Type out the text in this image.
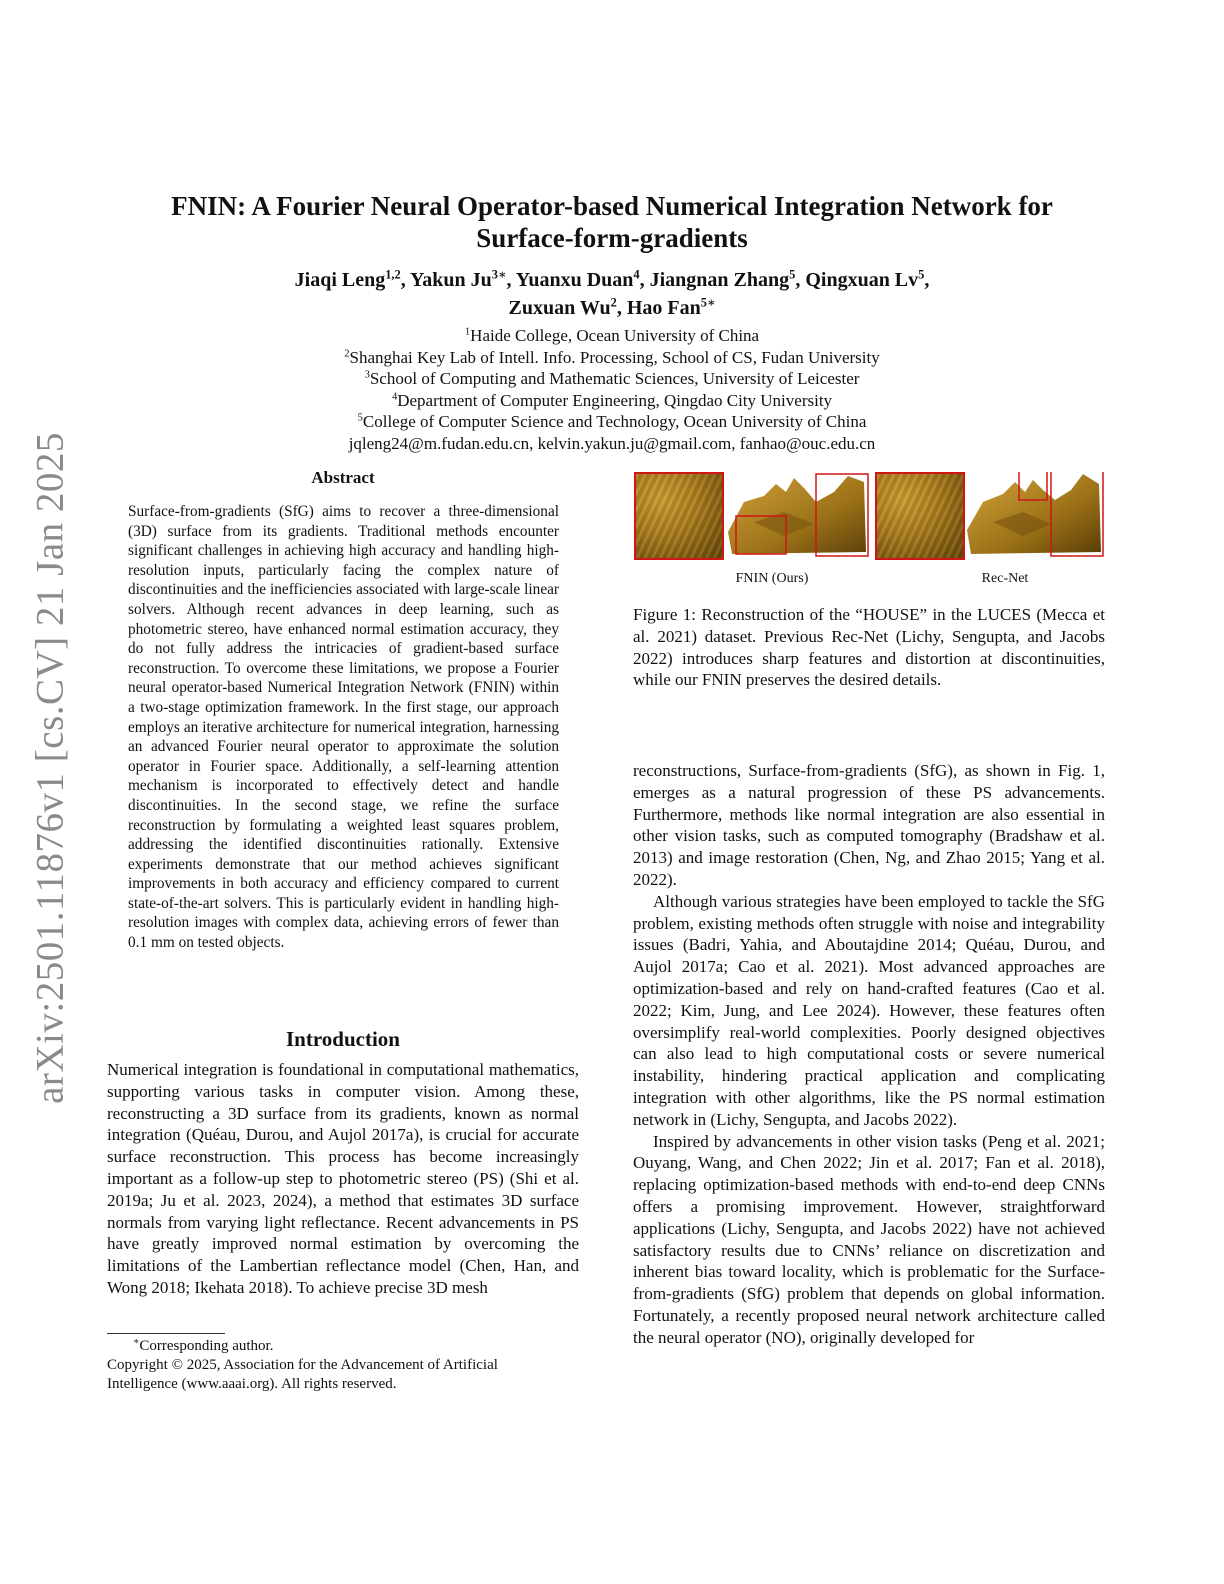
arXiv:2501.11876v1 [cs.CV] 21 Jan 2025
FNIN: A Fourier Neural Operator-based Numerical Integration Network for
Surface-form-gradients
Jiaqi Leng$^{1,2}$, Yakun $Ju^{3∗}$, Yuanxu Duan$^4$, Jiangnan Zhang$^5$, Qingxuan Lv$^5$,
Zuxuan Wu$^2$, Hao Fan$^{5∗}$
$^1$Haide College, Ocean University of China
$^2$Shanghai Key Lab of Intell. Info. Processing, School of CS, Fudan University
$^3$School of Computing and Mathematic Sciences, University of Leicester
$^4$Department of Computer Engineering, Qingdao City University
$^5$College of Computer Science and Technology, Ocean University of China
jqleng24@m.fudan.edu.cn, kelvin.yakun.ju@gmail.com, fanhao@ouc.edu.cn
Abstract
Surface-from-gradients (SfG) aims to recover a three-dimensional (3D) surface from its gradients. Traditional methods encounter significant challenges in achieving high accuracy and handling high-resolution inputs, particularly facing the complex nature of discontinuities and the inefficiencies associated with large-scale linear solvers. Although recent advances in deep learning, such as photometric stereo, have enhanced normal estimation accuracy, they do not fully address the intricacies of gradient-based surface reconstruction. To overcome these limitations, we propose a Fourier neural operator-based Numerical Integration Network (FNIN) within a two-stage optimization framework. In the first stage, our approach employs an iterative architecture for numerical integration, harnessing an advanced Fourier neural operator to approximate the solution operator in Fourier space. Additionally, a self-learning attention mechanism is incorporated to effectively detect and handle discontinuities. In the second stage, we refine the surface reconstruction by formulating a weighted least squares problem, addressing the identified discontinuities rationally. Extensive experiments demonstrate that our method achieves significant improvements in both accuracy and efficiency compared to current state-of-the-art solvers. This is particularly evident in handling high-resolution images with complex data, achieving errors of fewer than 0.1 mm on tested objects.
Introduction

Numerical integration is foundational in computational mathematics, supporting various tasks in computer vision. Among these, reconstructing a 3D surface from its gradients, known as normal integration (Quéau, Durou, and Aujol 2017a), is crucial for accurate surface reconstruction. This process has become increasingly important as a follow-up step to photometric stereo (PS) (Shi et al. 2019a; Ju et al. 2023, 2024), a method that estimates 3D surface normals from varying light reflectance. Recent advancements in PS have greatly improved normal estimation by overcoming the limitations of the Lambertian reflectance model (Chen, Han, and Wong 2018; Ikehata 2018). To achieve precise 3D mesh

∗Corresponding author.
Copyright © 2025, Association for the Advancement of Artificial
Intelligence (www.aaai.org). All rights reserved.
FNIN (Ours)	Rec-Net
Figure 1: Reconstruction of the “HOUSE” in the LUCES (Mecca et al. 2021) dataset. Previous Rec-Net (Lichy, Sengupta, and Jacobs 2022) introduces sharp features and distortion at discontinuities, while our FNIN preserves the desired details.

reconstructions, Surface-from-gradients (SfG), as shown in Fig. 1, emerges as a natural progression of these PS advancements. Furthermore, methods like normal integration are also essential in other vision tasks, such as computed tomography (Bradshaw et al. 2013) and image restoration (Chen, Ng, and Zhao 2015; Yang et al. 2022).

Although various strategies have been employed to tackle the SfG problem, existing methods often struggle with noise and integrability issues (Badri, Yahia, and Aboutajdine 2014; Quéau, Durou, and Aujol 2017a; Cao et al. 2021). Most advanced approaches are optimization-based and rely on hand-crafted features (Cao et al. 2022; Kim, Jung, and Lee 2024). However, these features often oversimplify real-world complexities. Poorly designed objectives can also lead to high computational costs or severe numerical instability, hindering practical application and complicating integration with other algorithms, like the PS normal estimation network in (Lichy, Sengupta, and Jacobs 2022).

Inspired by advancements in other vision tasks (Peng et al. 2021; Ouyang, Wang, and Chen 2022; Jin et al. 2017; Fan et al. 2018), replacing optimization-based methods with end-to-end deep CNNs offers a promising improvement. However, straightforward applications (Lichy, Sengupta, and Jacobs 2022) have not achieved satisfactory results due to CNNs’ reliance on discretization and inherent bias toward locality, which is problematic for the Surface-from-gradients (SfG) problem that depends on global information. Fortunately, a recently proposed neural network architecture called the neural operator (NO), originally developed for
